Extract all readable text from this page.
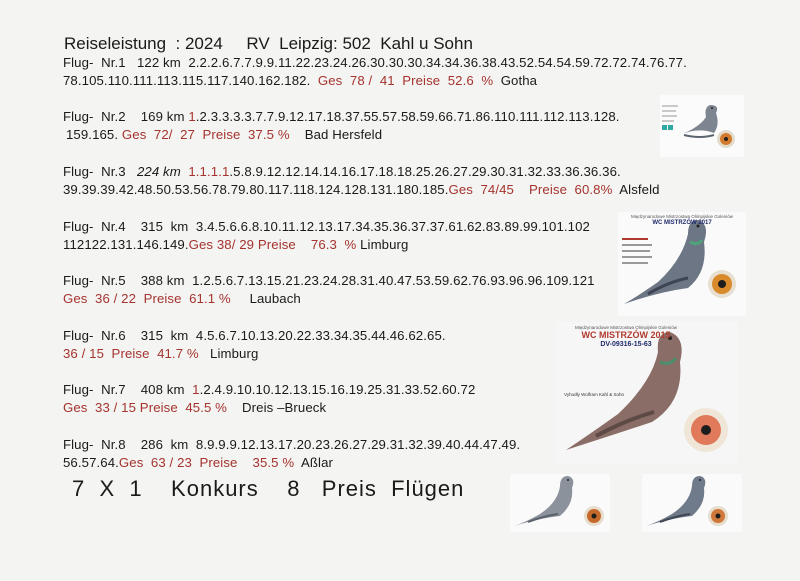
Reiseleistung  : 2024     RV  Leipzig: 502  Kahl u Sohn
Flug-  Nr.1 122 km 2.2.2.6.7.7.9.9.11.22.23.24.26.30.30.30.34.34.36.38.43.52.54.54.59.72.72.74.76.77.
78.105.110.111.113.115.117.140.162.182. Ges  78 /  41  Preise  52.6  % Gotha
Flug-  Nr.2 169 km 1.2.3.3.3.3.7.7.9.12.17.18.37.55.57.58.59.66.71.86.110.111.112.113.128.
159.165. Ges  72/  27  Preise  37.5 % Bad Hersfeld
Flug-  Nr.3 224 km 1.1.1.1.5.8.9.12.12.14.14.16.17.18.18.25.26.27.29.30.31.32.33.36.36.36.
39.39.39.42.48.50.53.56.78.79.80.117.118.124.128.131.180.185.Ges  74/45    Preise  60.8% Alsfeld
Flug-  Nr.4 315  km 3.4.5.6.6.8.10.11.12.13.17.34.35.36.37.37.61.62.83.89.99.101.102
112122.131.146.149.Ges 38/ 29 Preise 76.3  % Limburg
Flug-  Nr.5 388 km 1.2.5.6.7.13.15.21.23.24.28.31.40.47.53.59.62.76.93.96.96.109.121
Ges  36 / 22  Preise  61.1 % Laubach
Flug-  Nr.6 315  km 4.5.6.7.10.13.20.22.33.34.35.44.46.62.65.
36 / 15  Preise  41.7 % Limburg
Flug-  Nr.7 408 km 1.2.4.9.10.10.12.13.15.16.19.25.31.33.52.60.72
Ges  33 / 15 Preise  45.5 % Dreis –Brueck
Flug-  Nr.8 286  km 8.9.9.9.12.13.17.20.23.26.27.29.31.32.39.40.44.47.49.
56.57.64.Ges  63 / 23  Preise    35.5 % Aßlar
7  X  1    Konkurs    8   Preis  Flügen
Międzynarodowe Mistrzostwa Olimpijskie Goleniów
WC MISTRZÓW 2017
Międzynarodowe Mistrzostwa Olimpijskie Goleniów
WC MISTRZÓW 2015
DV-09316-15-63
Vyhodły Wolfram Kahl & Sohn
